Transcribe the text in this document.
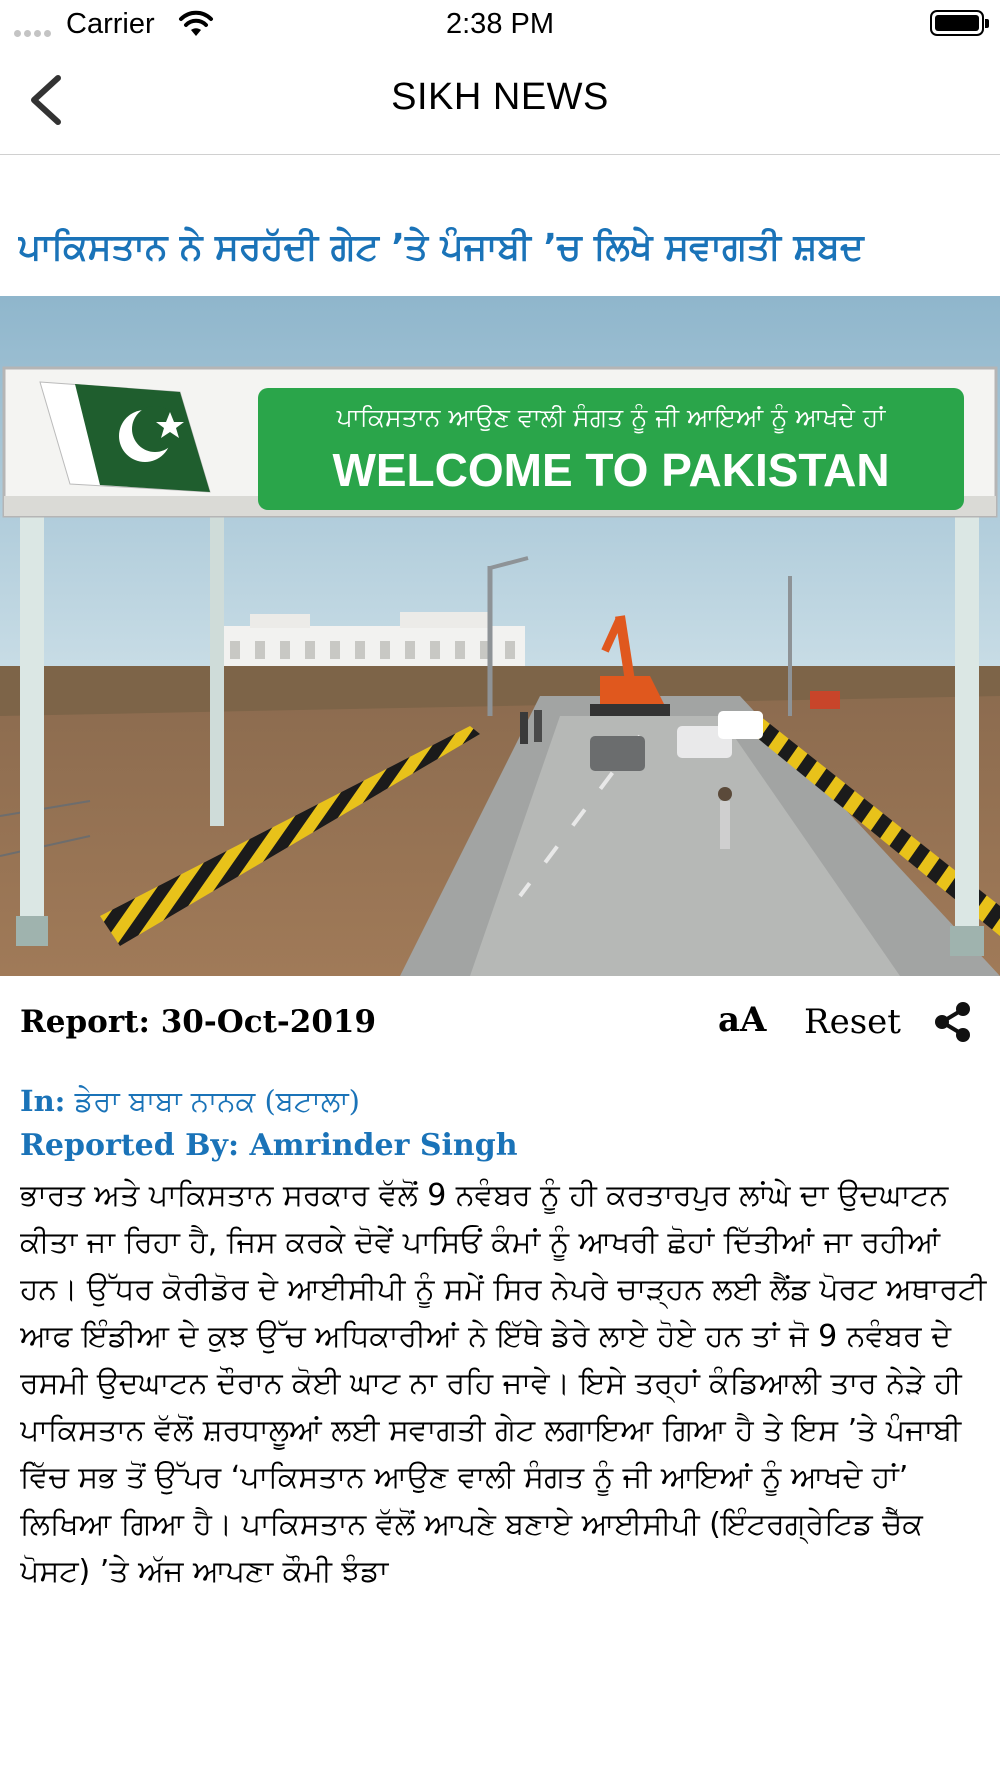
Carrier	2:38 PM
SIKH NEWS
ਪਾਕਿਸਤਾਨ ਨੇ ਸਰਹੱਦੀ ਗੇਟ ’ਤੇ ਪੰਜਾਬੀ ’ਚ ਲਿਖੇ ਸਵਾਗਤੀ ਸ਼ਬਦ
ਪਾਕਿਸਤਾਨ ਆਉਣ ਵਾਲੀ ਸੰਗਤ ਨੂੰ ਜੀ ਆਇਆਂ ਨੂੰ ਆਖਦੇ ਹਾਂ
WELCOME TO PAKISTAN
Report: 30-Oct-2019	aA Reset
In: ਡੇਰਾ ਬਾਬਾ ਨਾਨਕ (ਬਟਾਲਾ)
Reported By: Amrinder Singh

ਭਾਰਤ ਅਤੇ ਪਾਕਿਸਤਾਨ ਸਰਕਾਰ ਵੱਲੋਂ 9 ਨਵੰਬਰ ਨੂੰ ਹੀ ਕਰਤਾਰਪੁਰ ਲਾਂਘੇ ਦਾ ਉਦਘਾਟਨ ਕੀਤਾ ਜਾ ਰਿਹਾ ਹੈ, ਜਿਸ ਕਰਕੇ ਦੋਵੇਂ ਪਾਸਿਓਂ ਕੰਮਾਂ ਨੂੰ ਆਖਰੀ ਛੋਹਾਂ ਦਿੱਤੀਆਂ ਜਾ ਰਹੀਆਂ ਹਨ। ਉੱਧਰ ਕੋਰੀਡੋਰ ਦੇ ਆਈਸੀਪੀ ਨੂੰ ਸਮੇਂ ਸਿਰ ਨੇਪਰੇ ਚਾੜ੍ਹਨ ਲਈ ਲੈਂਡ ਪੋਰਟ ਅਥਾਰਟੀ ਆਫ ਇੰਡੀਆ ਦੇ ਕੁਝ ਉੱਚ ਅਧਿਕਾਰੀਆਂ ਨੇ ਇੱਥੇ ਡੇਰੇ ਲਾਏ ਹੋਏ ਹਨ ਤਾਂ ਜੋ 9 ਨਵੰਬਰ ਦੇ ਰਸਮੀ ਉਦਘਾਟਨ ਦੌਰਾਨ ਕੋਈ ਘਾਟ ਨਾ ਰਹਿ ਜਾਵੇ। ਇਸੇ ਤਰ੍ਹਾਂ ਕੰਡਿਆਲੀ ਤਾਰ ਨੇੜੇ ਹੀ ਪਾਕਿਸਤਾਨ ਵੱਲੋਂ ਸ਼ਰਧਾਲੂਆਂ ਲਈ ਸਵਾਗਤੀ ਗੇਟ ਲਗਾਇਆ ਗਿਆ ਹੈ ਤੇ ਇਸ ’ਤੇ ਪੰਜਾਬੀ ਵਿੱਚ ਸਭ ਤੋਂ ਉੱਪਰ ‘ਪਾਕਿਸਤਾਨ ਆਉਣ ਵਾਲੀ ਸੰਗਤ ਨੂੰ ਜੀ ਆਇਆਂ ਨੂੰ ਆਖਦੇ ਹਾਂ’ ਲਿਖਿਆ ਗਿਆ ਹੈ। ਪਾਕਿਸਤਾਨ ਵੱਲੋਂ ਆਪਣੇ ਬਣਾਏ ਆਈਸੀਪੀ (ਇੰਟਰਗ੍ਰੇਟਿਡ ਚੈੱਕ ਪੋਸਟ) ’ਤੇ ਅੱਜ ਆਪਣਾ ਕੌਮੀ ਝੰਡਾ
